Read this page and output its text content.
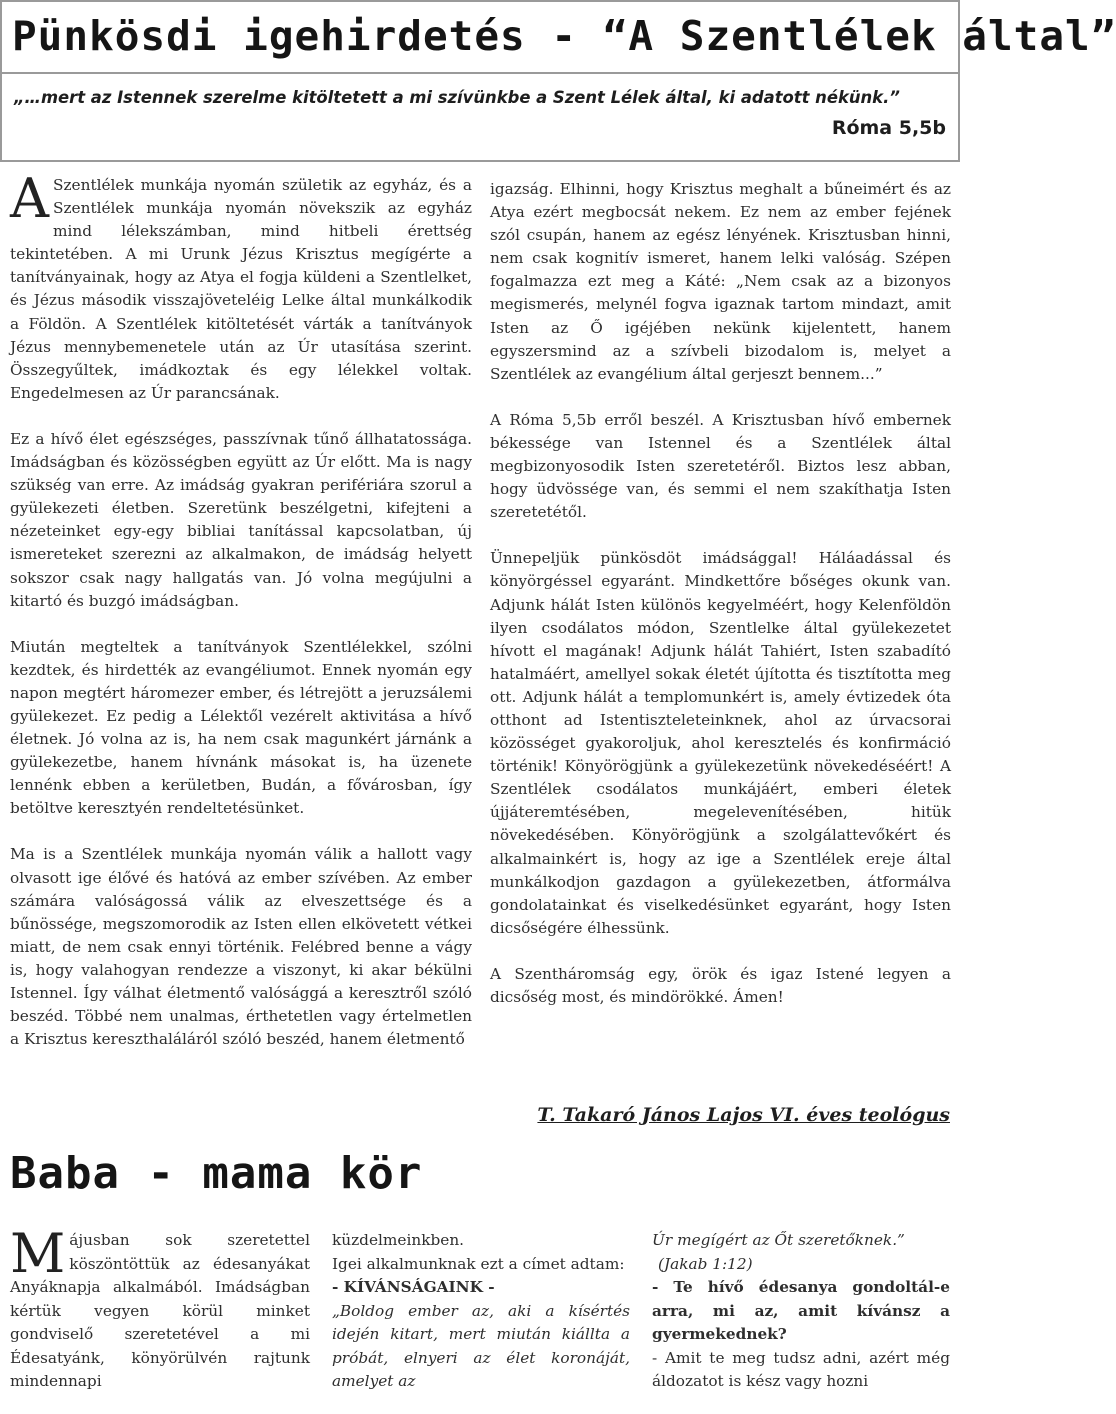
Pünkösdi igehirdetés - “A Szentlélek által”
„…mert az Istennek szerelme kitöltetett a mi szívünkbe a Szent Lélek által, ki adatott nékünk.”
Róma 5,5b

A Szentlélek munkája nyomán születik az egyház, és a Szentlélek munkája nyomán növekszik az egyház mind lélekszámban, mind hitbeli érettség tekintetében. A mi Urunk Jézus Krisztus megígérte a tanítványainak, hogy az Atya el fogja küldeni a Szentlelket, és Jézus második visszajöveteléig Lelke által munkálkodik a Földön. A Szentlélek kitöltetését várták a tanítványok Jézus mennybemenetele után az Úr utasítása szerint. Összegyűltek, imádkoztak és egy lélekkel voltak. Engedelmesen az Úr parancsának.

Ez a hívő élet egészséges, passzívnak tűnő állhatatossága. Imádságban és közösségben együtt az Úr előtt. Ma is nagy szükség van erre. Az imádság gyakran perifériára szorul a gyülekezeti életben. Szeretünk beszélgetni, kifejteni a nézeteinket egy-egy bibliai tanítással kapcsolatban, új ismereteket szerezni az alkalmakon, de imádság helyett sokszor csak nagy hallgatás van. Jó volna megújulni a kitartó és buzgó imádságban.

Miután megteltek a tanítványok Szentlélekkel, szólni kezdtek, és hirdették az evangéliumot. Ennek nyomán egy napon megtért háromezer ember, és létrejött a jeruzsálemi gyülekezet. Ez pedig a Lélektől vezérelt aktivitása a hívő életnek. Jó volna az is, ha nem csak magunkért járnánk a gyülekezetbe, hanem hívnánk másokat is, ha üzenete lennénk ebben a kerületben, Budán, a fővárosban, így betöltve keresztyén rendeltetésünket.

Ma is a Szentlélek munkája nyomán válik a hallott vagy olvasott ige élővé és hatóvá az ember szívében. Az ember számára valóságossá válik az elveszettsége és a bűnössége, megszomorodik az Isten ellen elkövetett vétkei miatt, de nem csak ennyi történik. Felébred benne a vágy is, hogy valahogyan rendezze a viszonyt, ki akar békülni Istennel. Így válhat életmentő valósággá a keresztről szóló beszéd. Többé nem unalmas, érthetetlen vagy értelmetlen a Krisztus kereszthaláláról szóló beszéd, hanem életmentő

igazság. Elhinni, hogy Krisztus meghalt a bűneimért és az Atya ezért megbocsát nekem. Ez nem az ember fejének szól csupán, hanem az egész lényének. Krisztusban hinni, nem csak kognitív ismeret, hanem lelki valóság. Szépen fogalmazza ezt meg a Káté: „Nem csak az a bizonyos megismerés, melynél fogva igaznak tartom mindazt, amit Isten az Ő igéjében nekünk kijelentett, hanem egyszersmind az a szívbeli bizodalom is, melyet a Szentlélek az evangélium által gerjeszt bennem...”

A Róma 5,5b erről beszél. A Krisztusban hívő embernek békessége van Istennel és a Szentlélek által megbizonyosodik Isten szeretetéről. Biztos lesz abban, hogy üdvössége van, és semmi el nem szakíthatja Isten szeretetétől.

Ünnepeljük pünkösdöt imádsággal! Háláadással és könyörgéssel egyaránt. Mindkettőre bőséges okunk van. Adjunk hálát Isten különös kegyelméért, hogy Kelenföldön ilyen csodálatos módon, Szentlelke által gyülekezetet hívott el magának! Adjunk hálát Tahiért, Isten szabadító hatalmáért, amellyel sokak életét újította és tisztította meg ott. Adjunk hálát a templomunkért is, amely évtizedek óta otthont ad Istentiszteleteinknek, ahol az úrvacsorai közösséget gyakoroljuk, ahol keresztelés és konfirmáció történik! Könyörögjünk a gyülekezetünk növekedéséért! A Szentlélek csodálatos munkájáért, emberi életek újjáteremtésében, megelevenítésében, hitük növekedésében. Könyörögjünk a szolgálattevőkért és alkalmainkért is, hogy az ige a Szentlélek ereje által munkálkodjon gazdagon a gyülekezetben, átformálva gondolatainkat és viselkedésünket egyaránt, hogy Isten dicsőségére élhessünk.

A Szentháromság egy, örök és igaz Istené legyen a dicsőség most, és mindörökké. Ámen!

T. Takaró János Lajos VI. éves teológus
Baba - mama kör
Májusban sok szeretettel köszöntöttük az édesanyákat Anyáknapja alkalmából. Imádságban kértük vegyen körül minket gondviselő szeretetével a mi Édesatyánk, könyörülvén rajtunk mindennapi
küzdelmeinkben.
Igei alkalmunknak ezt a címet adtam:
- KÍVÁNSÁGAINK -
„Boldog ember az, aki a kísértés idején kitart, mert miután kiállta a próbát, elnyeri az élet koronáját, amelyet az
Úr megígért az Őt szeretőknek.”
(Jakab 1:12)
- Te hívő édesanya gondoltál-e arra, mi az, amit kívánsz a gyermekednek?
- Amit te meg tudsz adni, azért még áldozatot is kész vagy hozni
